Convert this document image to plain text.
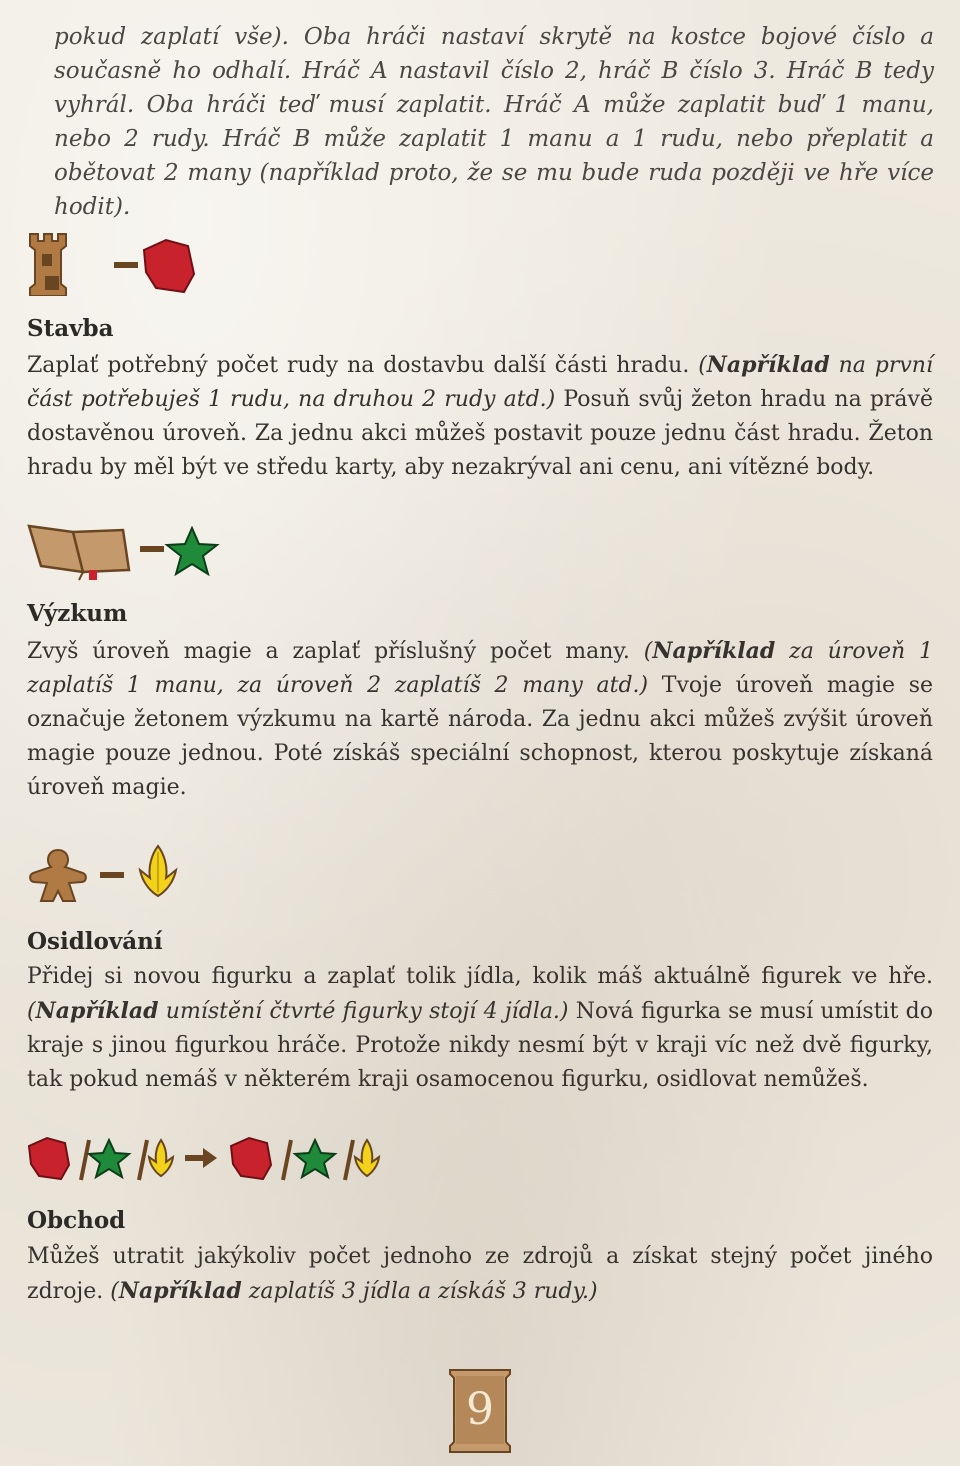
pokud zaplatí vše). Oba hráči nastaví skrytě na kostce bojové číslo a současně ho odhalí. Hráč A nastavil číslo 2, hráč B číslo 3. Hráč B tedy vyhrál. Oba hráči teď musí zaplatit. Hráč A může zaplatit buď 1 manu, nebo 2 rudy. Hráč B může zaplatit 1 manu a 1 rudu, nebo přeplatit a obětovat 2 many (například proto, že se mu bude ruda později ve hře více hodit).

Stavba

Zaplať potřebný počet rudy na dostavbu další části hradu. (Například na první část potřebuješ 1 rudu, na druhou 2 rudy atd.) Posuň svůj žeton hradu na právě dostavěnou úroveň. Za jednu akci můžeš postavit pouze jednu část hradu. Žeton hradu by měl být ve středu karty, aby nezakrýval ani cenu, ani vítězné body.

Výzkum

Zvyš úroveň magie a zaplať příslušný počet many. (Například za úroveň 1 zaplatíš 1 manu, za úroveň 2 zaplatíš 2 many atd.) Tvoje úroveň magie se označuje žetonem výzkumu na kartě národa. Za jednu akci můžeš zvýšit úroveň magie pouze jednou. Poté získáš speciální schopnost, kterou poskytuje získaná úroveň magie.

Osidlování

Přidej si novou figurku a zaplať tolik jídla, kolik máš aktuálně figurek ve hře. (Například umístění čtvrté figurky stojí 4 jídla.) Nová figurka se musí umístit do kraje s jinou figurkou hráče. Protože nikdy nesmí být v kraji víc než dvě figurky, tak pokud nemáš v některém kraji osamocenou figurku, osidlovat nemůžeš.

Obchod

Můžeš utratit jakýkoliv počet jednoho ze zdrojů a získat stejný počet jiného zdroje. (Například zaplatíš 3 jídla a získáš 3 rudy.)

9
